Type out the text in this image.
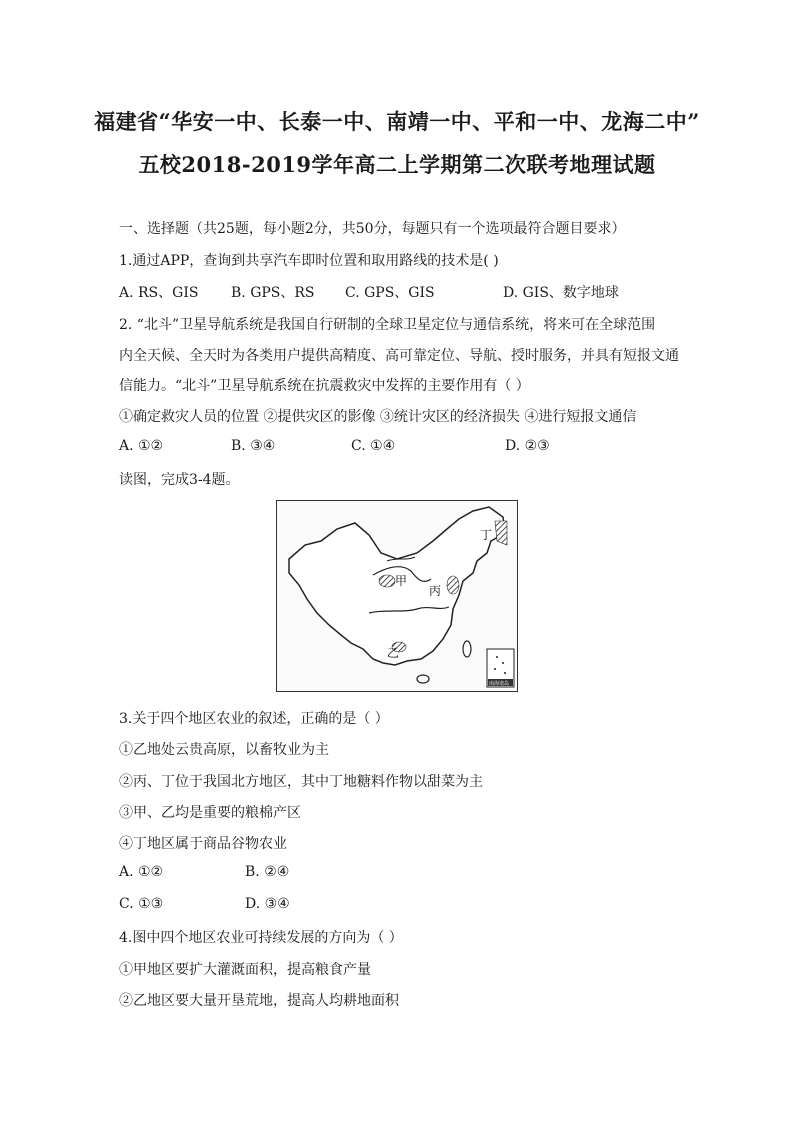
福建省“华安一中、长泰一中、南靖一中、平和一中、龙海二中”
五校2018-2019学年高二上学期第二次联考地理试题
一、选择题（共25题，每小题2分，共50分，每题只有一个选项最符合题目要求）
1.通过APP，查询到共享汽车即时位置和取用路线的技术是( )
A. RS、GIS B. GPS、RS C. GPS、GIS	D. GIS、数字地球
2. “北斗”卫星导航系统是我国自行研制的全球卫星定位与通信系统，将来可在全球范围
内全天候、全天时为各类用户提供高精度、高可靠定位、导航、授时服务，并具有短报文通
信能力。“北斗”卫星导航系统在抗震救灾中发挥的主要作用有（ ）
①确定救灾人员的位置 ②提供灾区的影像 ③统计灾区的经济损失 ④进行短报文通信
A. ①②	B. ③④	C. ①④	D. ②③
读图，完成3-4题。
甲
乙
丙
丁
南海诸岛
3.关于四个地区农业的叙述，正确的是（ ）
①乙地处云贵高原，以畜牧业为主
②丙、丁位于我国北方地区，其中丁地糖料作物以甜菜为主
③甲、乙均是重要的粮棉产区
④丁地区属于商品谷物农业
A. ①②	B. ②④
C. ①③	D. ③④
4.图中四个地区农业可持续发展的方向为（ ）
①甲地区要扩大灌溉面积，提高粮食产量
②乙地区要大量开垦荒地，提高人均耕地面积
